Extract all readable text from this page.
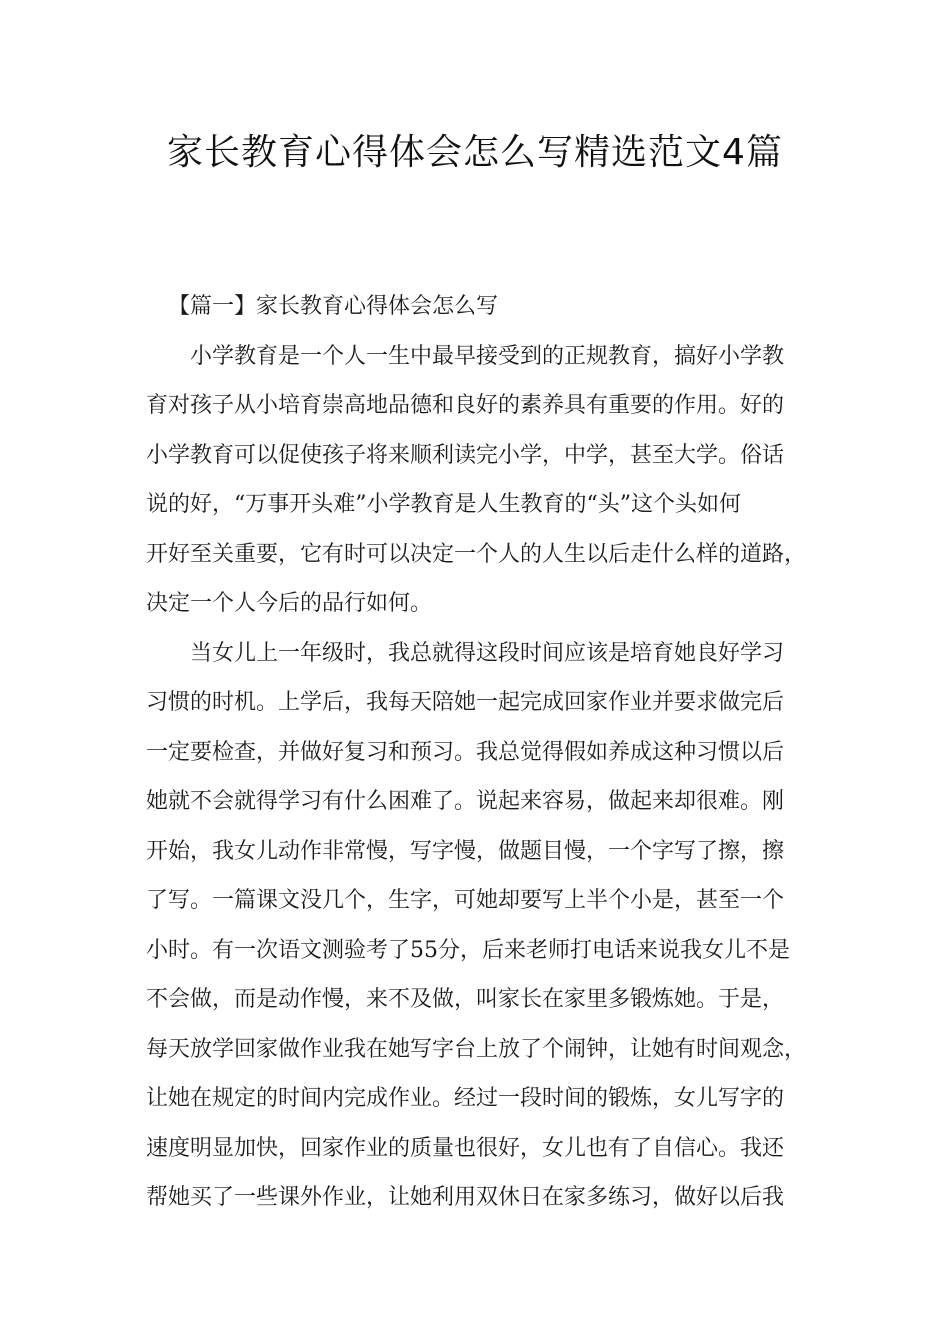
家长教育心得体会怎么写精选范文4篇

【篇一】家长教育心得体会怎么写

小学教育是一个人一生中最早接受到的正规教育，搞好小学教
育对孩子从小培育崇高地品德和良好的素养具有重要的作用。好的
小学教育可以促使孩子将来顺利读完小学，中学，甚至大学。俗话
说的好，“万事开头难”小学教育是人生教育的“头”这个头如何
开好至关重要，它有时可以决定一个人的人生以后走什么样的道路，
决定一个人今后的品行如何。

当女儿上一年级时，我总就得这段时间应该是培育她良好学习
习惯的时机。上学后，我每天陪她一起完成回家作业并要求做完后
一定要检查，并做好复习和预习。我总觉得假如养成这种习惯以后
她就不会就得学习有什么困难了。说起来容易，做起来却很难。刚
开始，我女儿动作非常慢，写字慢，做题目慢，一个字写了擦，擦
了写。一篇课文没几个，生字，可她却要写上半个小是，甚至一个
小时。有一次语文测验考了55分，后来老师打电话来说我女儿不是
不会做，而是动作慢，来不及做，叫家长在家里多锻炼她。于是，
每天放学回家做作业我在她写字台上放了个闹钟，让她有时间观念，
让她在规定的时间内完成作业。经过一段时间的锻炼，女儿写字的
速度明显加快，回家作业的质量也很好，女儿也有了自信心。我还
帮她买了一些课外作业，让她利用双休日在家多练习，做好以后我
